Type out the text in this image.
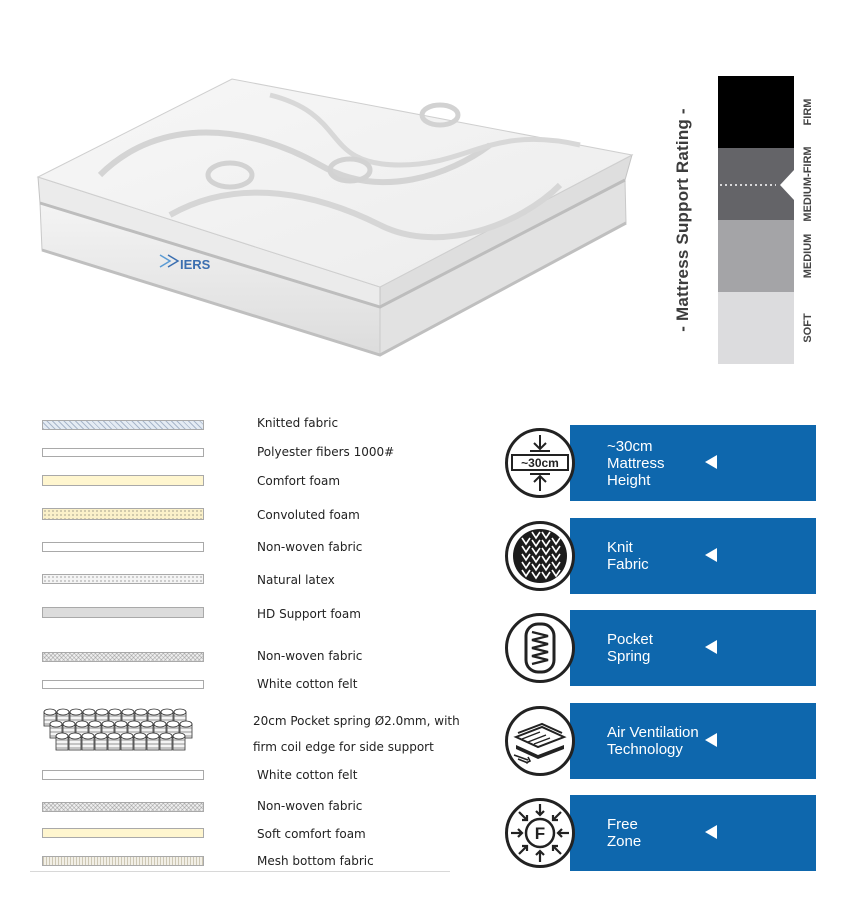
IERS	- Mattress Support Rating -	FIRM
MEDIUM-FIRM
MEDIUM
SOFT
Knitted fabric
Polyester fibers 1000#
Comfort foam
Convoluted foam
Non-woven fabric
Natural latex
HD Support foam
Non-woven fabric
White cotton felt
20cm Pocket spring Ø2.0mm, with
firm coil edge for side support
White cotton felt
Non-woven fabric
Soft comfort foam
Mesh bottom fabric
~30cm
Mattress
Height
~30cm
Knit
Fabric
Pocket
Spring
Air Ventilation
Technology
Free
Zone
F
